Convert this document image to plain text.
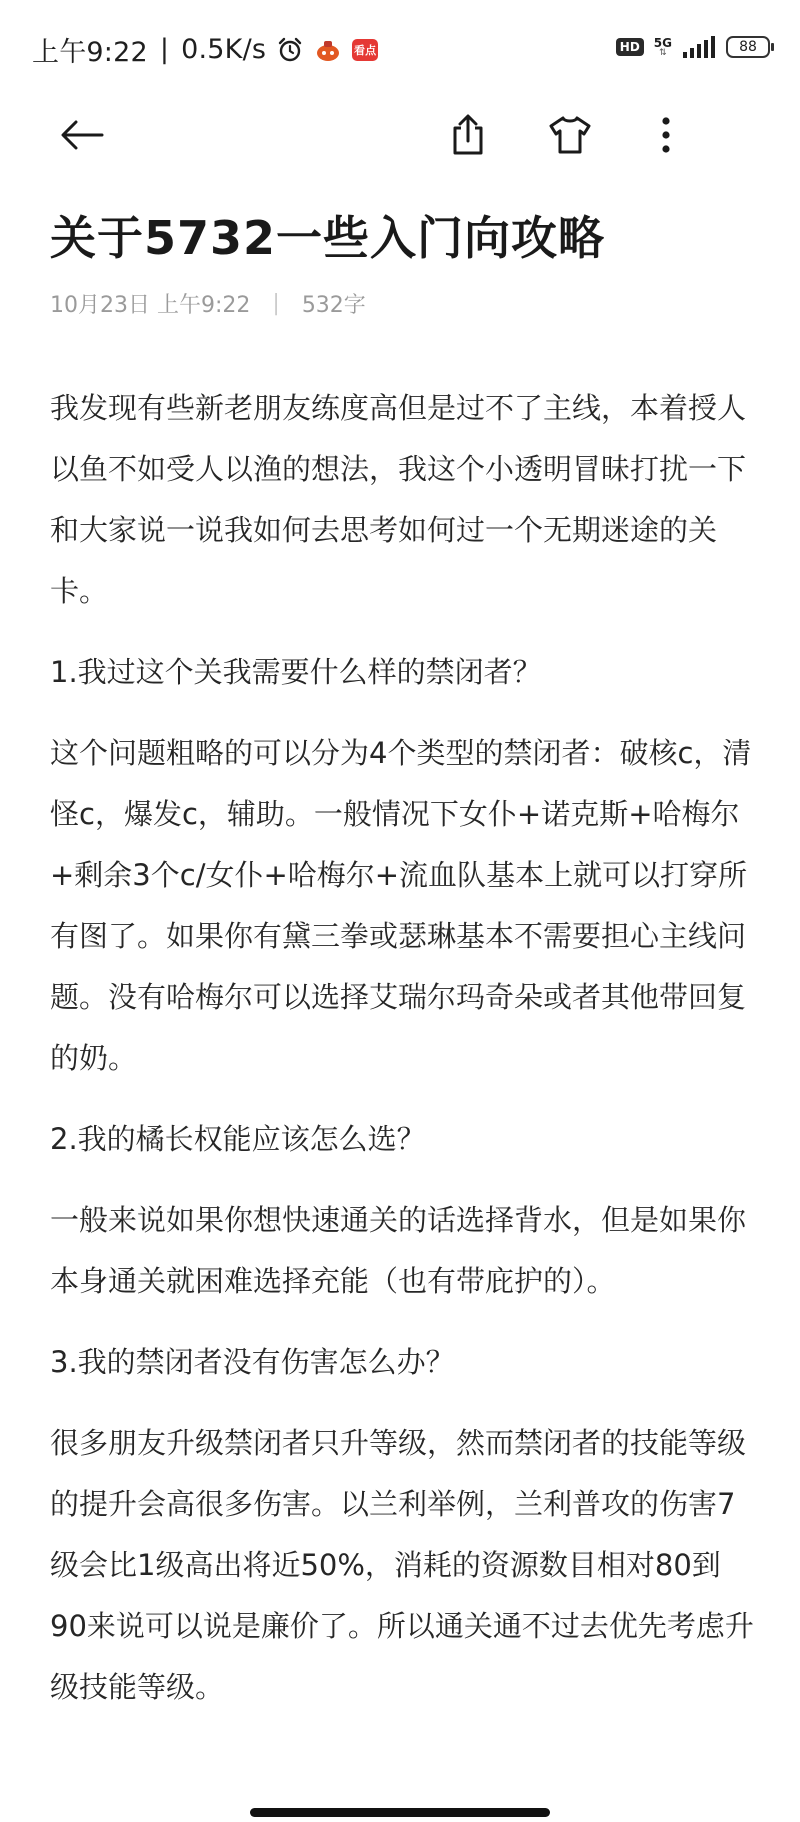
上午9:22 | 0.5K/s	看点	HD	5G
⇅	88
关于5732一些入门向攻略
10月23日 上午9:22 | 532字

我发现有些新老朋友练度高但是过不了主线，本着授人以鱼不如受人以渔的想法，我这个小透明冒昧打扰一下和大家说一说我如何去思考如何过一个无期迷途的关卡。

1.我过这个关我需要什么样的禁闭者？

这个问题粗略的可以分为4个类型的禁闭者：破核c，清怪c，爆发c，辅助。一般情况下女仆+诺克斯+哈梅尔+剩余3个c/女仆+哈梅尔+流血队基本上就可以打穿所有图了。如果你有黛三拳或瑟琳基本不需要担心主线问题。没有哈梅尔可以选择艾瑞尔玛奇朵或者其他带回复的奶。

2.我的橘长权能应该怎么选？

一般来说如果你想快速通关的话选择背水，但是如果你本身通关就困难选择充能（也有带庇护的）。

3.我的禁闭者没有伤害怎么办？

很多朋友升级禁闭者只升等级，然而禁闭者的技能等级的提升会高很多伤害。以兰利举例，兰利普攻的伤害7级会比1级高出将近50%，消耗的资源数目相对80到90来说可以说是廉价了。所以通关通不过去优先考虑升级技能等级。
